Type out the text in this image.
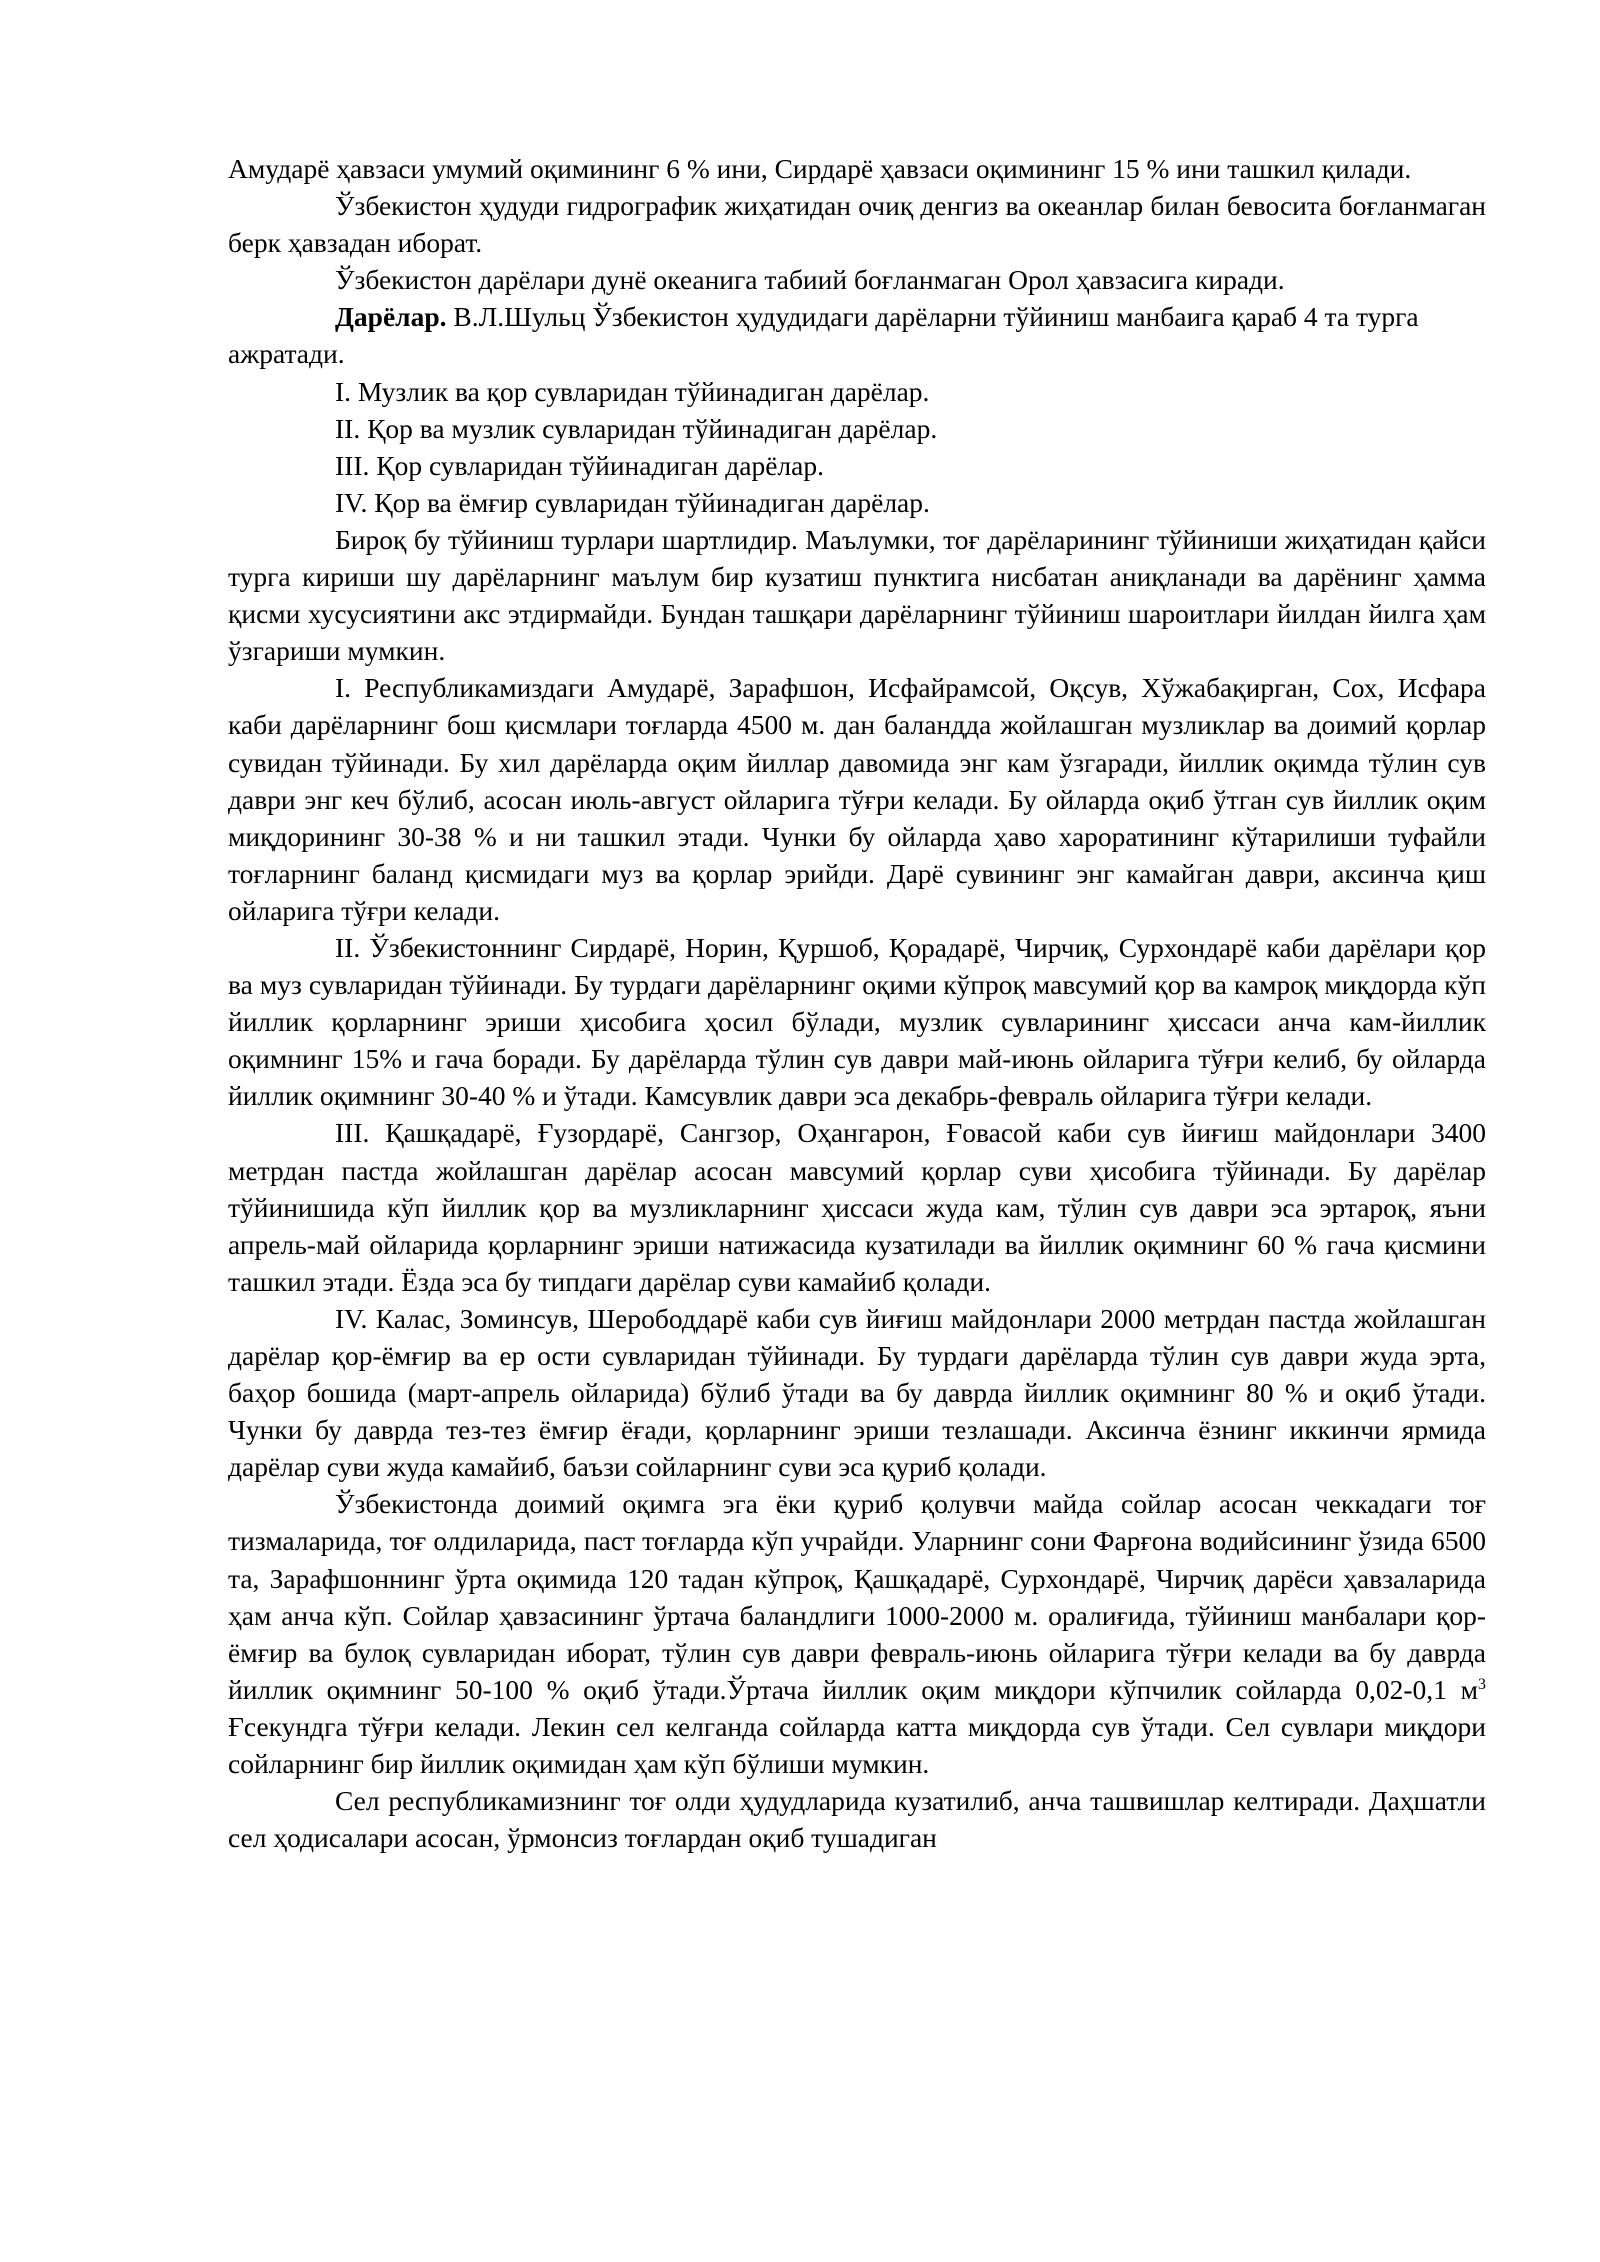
Амударё ҳавзаси умумий оқимининг 6 % ини, Сирдарё ҳавзаси оқимининг 15 % ини ташкил қилади.

Ўзбекистон ҳудуди гидрографик жиҳатидан очиқ денгиз ва океанлар билан бевосита боғланмаган берк ҳавзадан иборат.

Ўзбекистон дарёлари дунё океанига табиий боғланмаган Орол ҳавзасига киради.

Дарёлар. В.Л.Шульц Ўзбекистон ҳудудидаги дарёларни тўйиниш манбаига қараб 4 та турга ажратади.

I. Музлик ва қор сувларидан тўйинадиган дарёлар.

II. Қор ва музлик сувларидан тўйинадиган дарёлар.

III. Қор сувларидан тўйинадиган дарёлар.

IV. Қор ва ёмғир сувларидан тўйинадиган дарёлар.

Бироқ бу тўйиниш турлари шартлидир. Маълумки, тоғ дарёларининг тўйиниши жиҳатидан қайси турга кириши шу дарёларнинг маълум бир кузатиш пунктига нисбатан аниқланади ва дарёнинг ҳамма қисми хусусиятини акс этдирмайди. Бундан ташқари дарёларнинг тўйиниш шароитлари йилдан йилга ҳам ўзгариши мумкин.

I. Республикамиздаги Амударё, Зарафшон, Исфайрамсой, Оқсув, Хўжабақирган, Сох, Исфара каби дарёларнинг бош қисмлари тоғларда 4500 м. дан баландда жойлашган музликлар ва доимий қорлар сувидан тўйинади. Бу хил дарёларда оқим йиллар давомида энг кам ўзгаради, йиллик оқимда тўлин сув даври энг кеч бўлиб, асосан июль-август ойларига тўғри келади. Бу ойларда оқиб ўтган сув йиллик оқим миқдорининг 30-38 % и ни ташкил этади. Чунки бу ойларда ҳаво хароратининг кўтарилиши туфайли тоғларнинг баланд қисмидаги муз ва қорлар эрийди. Дарё сувининг энг камайган даври, аксинча қиш ойларига тўғри келади.

II. Ўзбекистоннинг Сирдарё, Норин, Қуршоб, Қорадарё, Чирчиқ, Сурхондарё каби дарёлари қор ва муз сувларидан тўйинади. Бу турдаги дарёларнинг оқими кўпроқ мавсумий қор ва камроқ миқдорда кўп йиллик қорларнинг эриши ҳисобига ҳосил бўлади, музлик сувларининг ҳиссаси анча кам-йиллик оқимнинг 15% и гача боради. Бу дарёларда тўлин сув даври май-июнь ойларига тўғри келиб, бу ойларда йиллик оқимнинг 30-40 % и ўтади. Камсувлик даври эса декабрь-февраль ойларига тўғри келади.

III. Қашқадарё, Ғузордарё, Сангзор, Оҳангарон, Ғовасой каби сув йиғиш майдонлари 3400 метрдан пастда жойлашган дарёлар асосан мавсумий қорлар суви ҳисобига тўйинади. Бу дарёлар тўйинишида кўп йиллик қор ва музликларнинг ҳиссаси жуда кам, тўлин сув даври эса эртароқ, яъни апрель-май ойларида қорларнинг эриши натижасида кузатилади ва йиллик оқимнинг 60 % гача қисмини ташкил этади. Ёзда эса бу типдаги дарёлар суви камайиб қолади.

IV. Калас, Зоминсув, Шерободдарё каби сув йиғиш майдонлари 2000 метрдан пастда жойлашган дарёлар қор-ёмғир ва ер ости сувларидан тўйинади. Бу турдаги дарёларда тўлин сув даври жуда эрта, баҳор бошида (март-апрель ойларида) бўлиб ўтади ва бу даврда йиллик оқимнинг 80 % и оқиб ўтади. Чунки бу даврда тез-тез ёмғир ёғади, қорларнинг эриши тезлашади. Аксинча ёзнинг иккинчи ярмида дарёлар суви жуда камайиб, баъзи сойларнинг суви эса қуриб қолади.

Ўзбекистонда доимий оқимга эга ёки қуриб қолувчи майда сойлар асосан чеккадаги тоғ тизмаларида, тоғ олдиларида, паст тоғларда кўп учрайди. Уларнинг сони Фарғона водийсининг ўзида 6500 та, Зарафшоннинг ўрта оқимида 120 тадан кўпроқ, Қашқадарё, Сурхондарё, Чирчиқ дарёси ҳавзаларида ҳам анча кўп. Сойлар ҳавзасининг ўртача баландлиги 1000-2000 м. оралиғида, тўйиниш манбалари қор-ёмғир ва булоқ сувларидан иборат, тўлин сув даври февраль-июнь ойларига тўғри келади ва бу даврда йиллик оқимнинг 50-100 % оқиб ўтади.Ўртача йиллик оқим миқдори кўпчилик сойларда 0,02-0,1 $м^3$ Ғсекундга тўғри келади. Лекин сел келганда сойларда катта миқдорда сув ўтади. Сел сувлари миқдори сойларнинг бир йиллик оқимидан ҳам кўп бўлиши мумкин.

Сел республикамизнинг тоғ олди ҳудудларида кузатилиб, анча ташвишлар келтиради. Даҳшатли сел ҳодисалари асосан, ўрмонсиз тоғлардан оқиб тушадиган
